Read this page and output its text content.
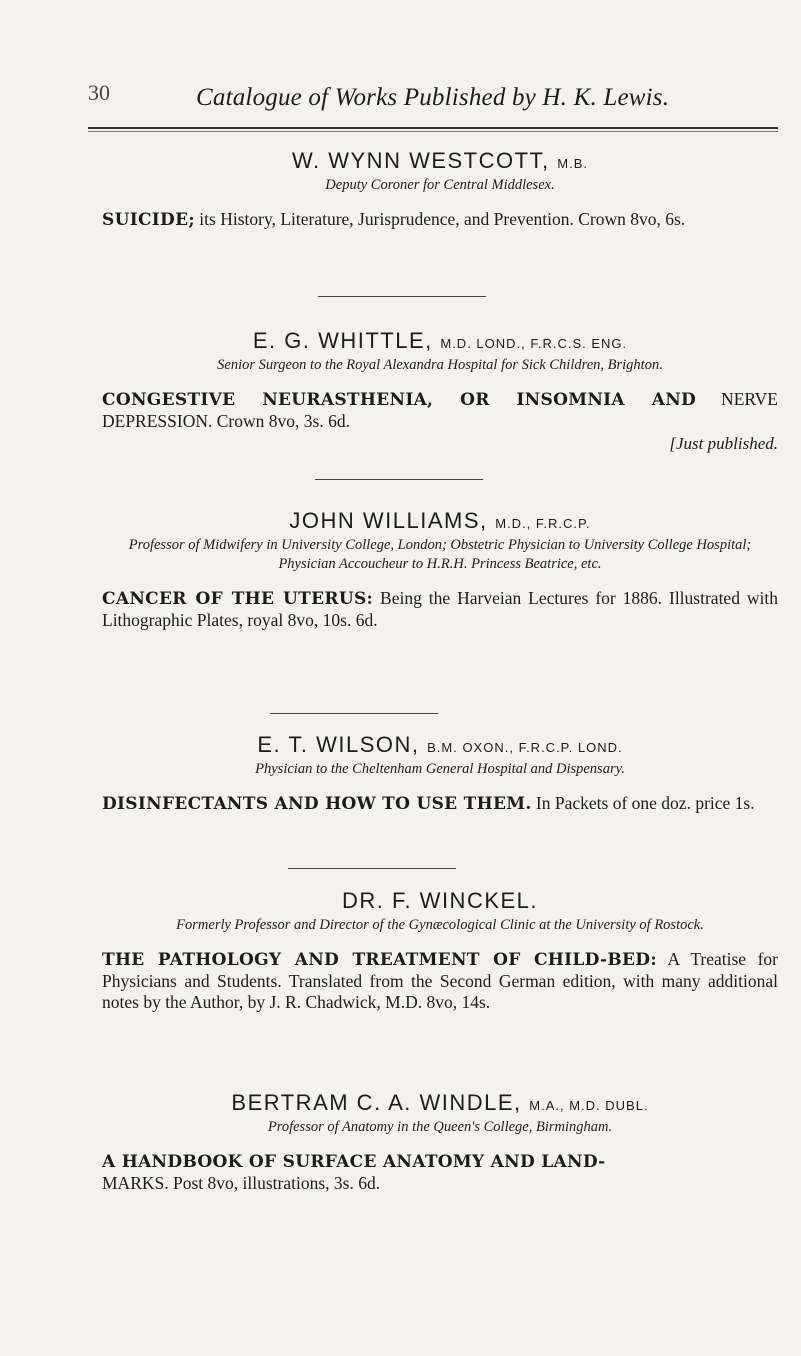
30	Catalogue of Works Published by H. K. Lewis.
W. WYNN WESTCOTT, M.B.
Deputy Coroner for Central Middlesex.
SUICIDE; its History, Literature, Jurisprudence, and Prevention. Crown 8vo, 6s.
E. G. WHITTLE, M.D. LOND., F.R.C.S. ENG.
Senior Surgeon to the Royal Alexandra Hospital for Sick Children, Brighton.
CONGESTIVE NEURASTHENIA, OR INSOMNIA AND NERVE DEPRESSION. Crown 8vo, 3s. 6d.
[Just published.
JOHN WILLIAMS, M.D., F.R.C.P.
Professor of Midwifery in University College, London; Obstetric Physician to University College Hospital; Physician Accoucheur to H.R.H. Princess Beatrice, etc.
CANCER OF THE UTERUS: Being the Harveian Lectures for 1886. Illustrated with Lithographic Plates, royal 8vo, 10s. 6d.
E. T. WILSON, B.M. OXON., F.R.C.P. LOND.
Physician to the Cheltenham General Hospital and Dispensary.
DISINFECTANTS AND HOW TO USE THEM. In Packets of one doz. price 1s.
DR. F. WINCKEL.
Formerly Professor and Director of the Gynæcological Clinic at the University of Rostock.
THE PATHOLOGY AND TREATMENT OF CHILD-BED: A Treatise for Physicians and Students. Translated from the Second German edition, with many additional notes by the Author, by J. R. Chadwick, M.D. 8vo, 14s.
BERTRAM C. A. WINDLE, M.A., M.D. DUBL.
Professor of Anatomy in the Queen's College, Birmingham.
A HANDBOOK OF SURFACE ANATOMY AND LAND-
MARKS. Post 8vo, illustrations, 3s. 6d.
